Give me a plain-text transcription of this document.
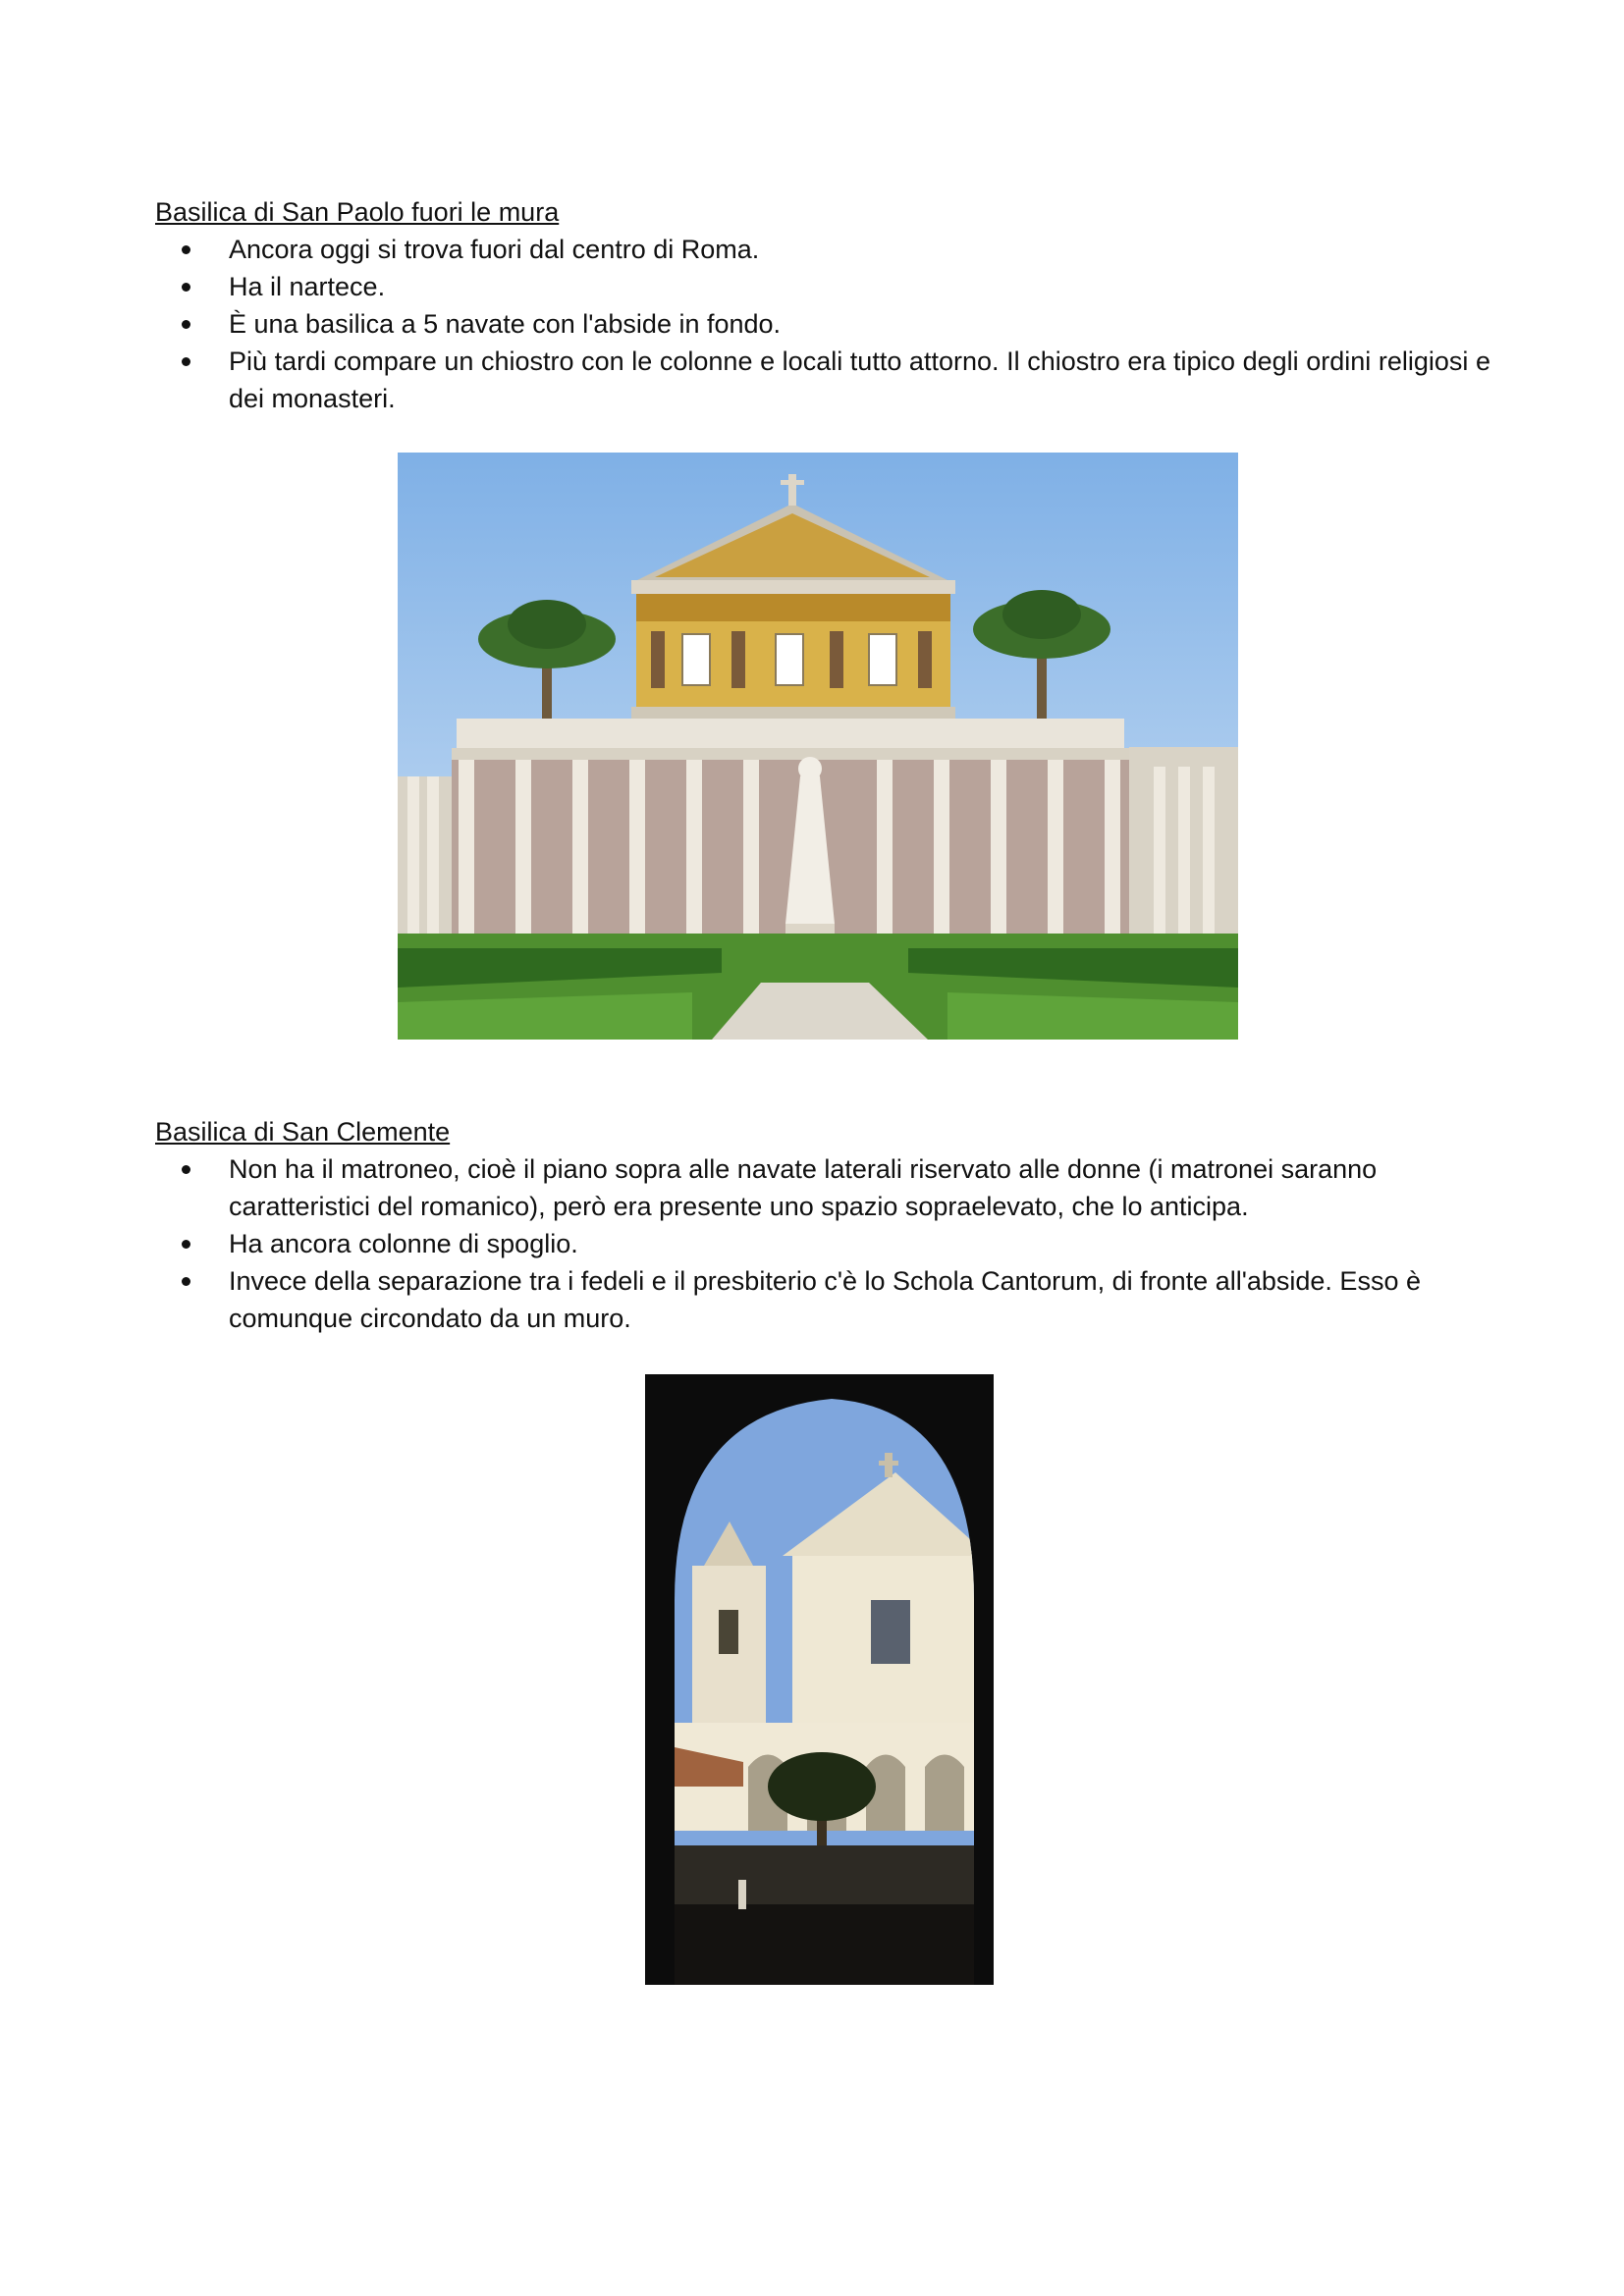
Basilica di San Paolo fuori le mura
Ancora oggi si trova fuori dal centro di Roma.
Ha il nartece.
È una basilica a 5 navate con l'abside in fondo.
Più tardi compare un chiostro con le colonne e locali tutto attorno. Il chiostro era tipico degli ordini religiosi e dei monasteri.
Basilica di San Clemente
Non ha il matroneo, cioè il piano sopra alle navate laterali riservato alle donne (i matronei saranno caratteristici del romanico), però era presente uno spazio sopraelevato, che lo anticipa.
Ha ancora colonne di spoglio.
Invece della separazione tra i fedeli e il presbiterio c'è lo Schola Cantorum, di fronte all'abside. Esso è comunque circondato da un muro.
